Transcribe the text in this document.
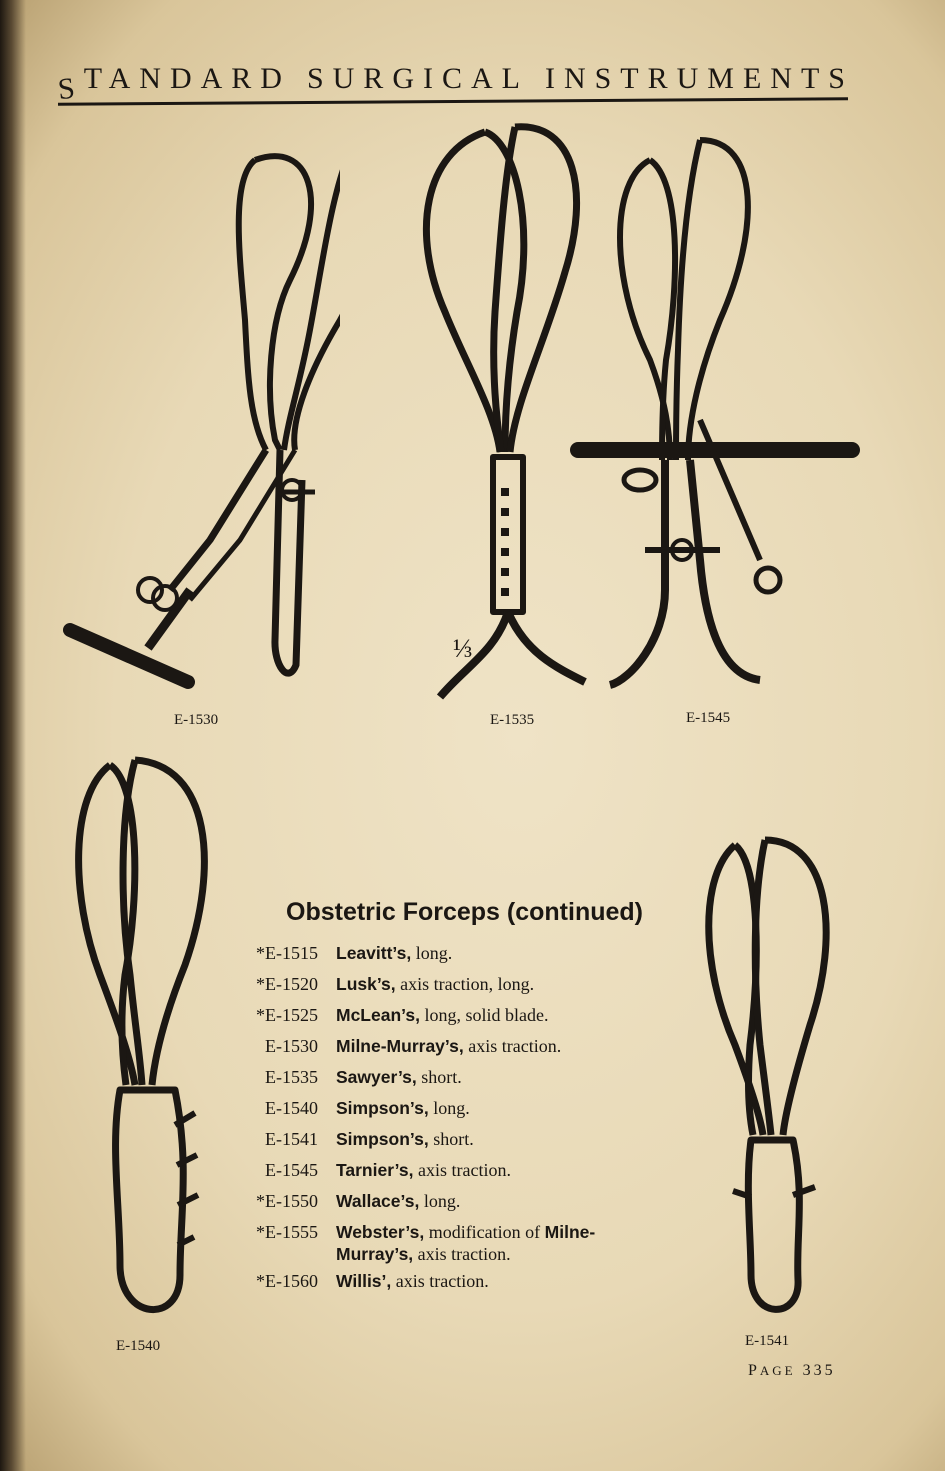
STANDARD SURGICAL INSTRUMENTS
⅓
E-1530	E-1535	E-1545
E-1540	E-1541
Obstetric Forceps (continued)
*E-1515	Leavitt’s, long.
*E-1520	Lusk’s, axis traction, long.
*E-1525	McLean’s, long, solid blade.
E-1530	Milne-Murray’s, axis traction.
E-1535	Sawyer’s, short.
E-1540	Simpson’s, long.
E-1541	Simpson’s, short.
E-1545	Tarnier’s, axis traction.
*E-1550	Wallace’s, long.
*E-1555	Webster’s, modification of Milne-Murray’s, axis traction.
*E-1560	Willis’, axis traction.
PAGE 335
